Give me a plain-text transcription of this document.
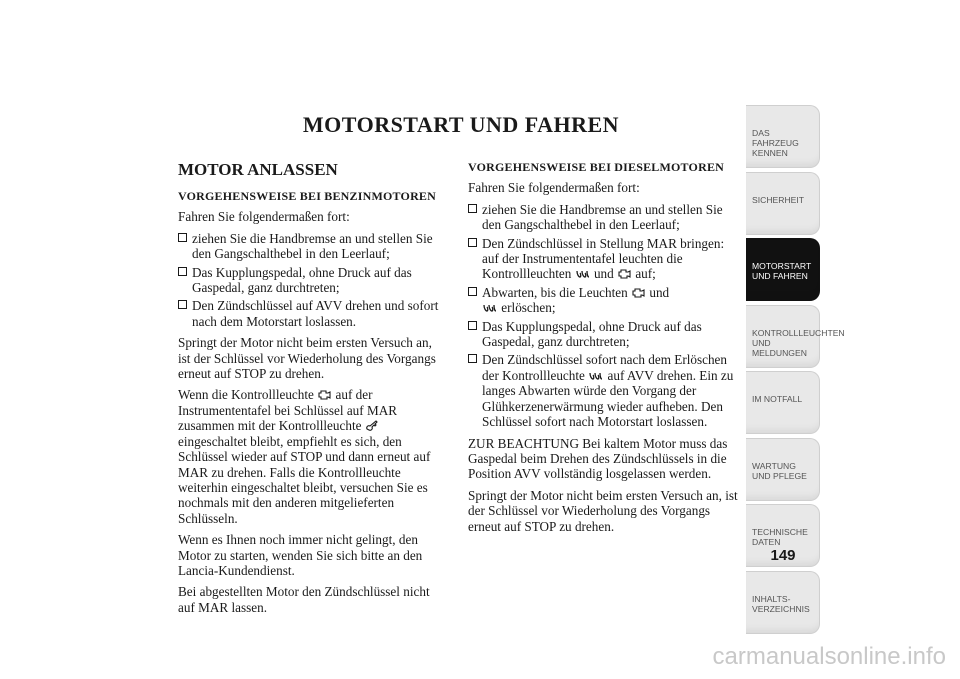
MOTORSTART UND FAHREN
MOTOR ANLASSEN
VORGEHENSWEISE BEI BENZINMOTOREN

Fahren Sie folgendermaßen fort:

ziehen Sie die Handbremse an und stellen Sie den Gangschalthebel in den Leerlauf;
Das Kupplungspedal, ohne Druck auf das Gaspedal, ganz durchtreten;
Den Zündschlüssel auf AVV drehen und sofort nach dem Motorstart loslassen.

Springt der Motor nicht beim ersten Versuch an, ist der Schlüssel vor Wiederholung des Vorgangs erneut auf STOP zu drehen.

Wenn die Kontrollleuchte auf der Instrumententafel bei Schlüssel auf MAR zusammen mit der Kontrollleuchte
eingeschaltet bleibt, empfiehlt es sich, den Schlüssel wieder auf STOP und dann erneut auf MAR zu drehen. Falls die Kontrollleuchte weiterhin eingeschaltet bleibt, versuchen Sie es nochmals mit den anderen mitgelieferten Schlüsseln.

Wenn es Ihnen noch immer nicht gelingt, den Motor zu starten, wenden Sie sich bitte an den Lancia-Kundendienst.

Bei abgestellten Motor den Zündschlüssel nicht auf MAR lassen.

VORGEHENSWEISE BEI DIESELMOTOREN

Fahren Sie folgendermaßen fort:

ziehen Sie die Handbremse an und stellen Sie den Gangschalthebel in den Leerlauf;
Den Zündschlüssel in Stellung MAR bringen: auf der Instrumententafel leuchten die Kontrollleuchten und auf;
Abwarten, bis die Leuchten und

erlöschen;
Das Kupplungspedal, ohne Druck auf das Gaspedal, ganz durchtreten;
Den Zündschlüssel sofort nach dem Erlöschen der Kontrollleuchte auf AVV drehen. Ein zu langes Abwarten würde den Vorgang der Glühkerzenerwärmung wieder aufheben. Den Schlüssel sofort nach Motorstart loslassen.

ZUR BEACHTUNG Bei kaltem Motor muss das Gaspedal beim Drehen des Zündschlüssels in die Position AVV vollständig losgelassen werden.

Springt der Motor nicht beim ersten Versuch an, ist der Schlüssel vor Wiederholung des Vorgangs erneut auf STOP zu drehen.

DAS FAHRZEUG KENNEN
SICHERHEIT
MOTORSTART UND FAHREN
KONTROLLLEUCHTEN UND MELDUNGEN
IM NOTFALL
WARTUNG UND PFLEGE
TECHNISCHE DATEN
INHALTS-VERZEICHNIS
149
carmanualsonline.info
